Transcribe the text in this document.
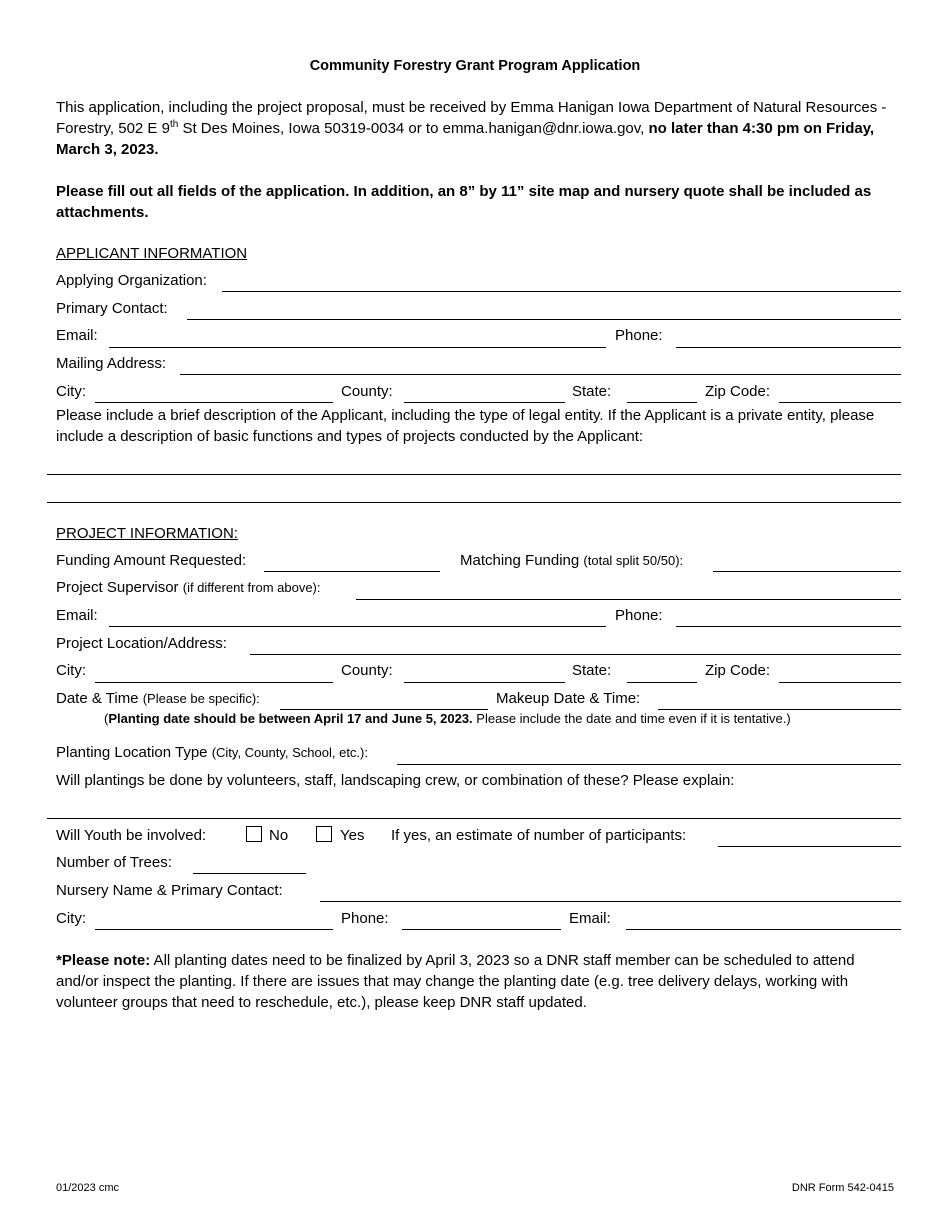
Community Forestry Grant Program Application
This application, including the project proposal, must be received by Emma Hanigan Iowa Department of Natural Resources - Forestry, 502 E 9th St Des Moines, Iowa 50319-0034 or to emma.hanigan@dnr.iowa.gov, no later than 4:30 pm on Friday, March 3, 2023.
Please fill out all fields of the application. In addition, an 8” by 11” site map and nursery quote shall be included as attachments.
APPLICANT INFORMATION
Applying Organization:
Primary Contact:
Email:	Phone:
Mailing Address:
City:	County:	State:	Zip Code:
Please include a brief description of the Applicant, including the type of legal entity. If the Applicant is a private entity, please include a description of basic functions and types of projects conducted by the Applicant:
PROJECT INFORMATION:
Funding Amount Requested:	Matching Funding (total split 50/50):
Project Supervisor (if different from above):
Email:	Phone:
Project Location/Address:
City:	County:	State:	Zip Code:
Date & Time (Please be specific):	Makeup Date & Time:
(Planting date should be between April 17 and June 5, 2023. Please include the date and time even if it is tentative.)
Planting Location Type (City, County, School, etc.):
Will plantings be done by volunteers, staff, landscaping crew, or combination of these? Please explain:
Will Youth be involved:	No	Yes If yes, an estimate of number of participants:
Number of Trees:
Nursery Name & Primary Contact:
City:	Phone:	Email:
*Please note: All planting dates need to be finalized by April 3, 2023 so a DNR staff member can be scheduled to attend and/or inspect the planting. If there are issues that may change the planting date (e.g. tree delivery delays, working with volunteer groups that need to reschedule, etc.), please keep DNR staff updated.
01/2023 cmc	DNR Form 542-0415
